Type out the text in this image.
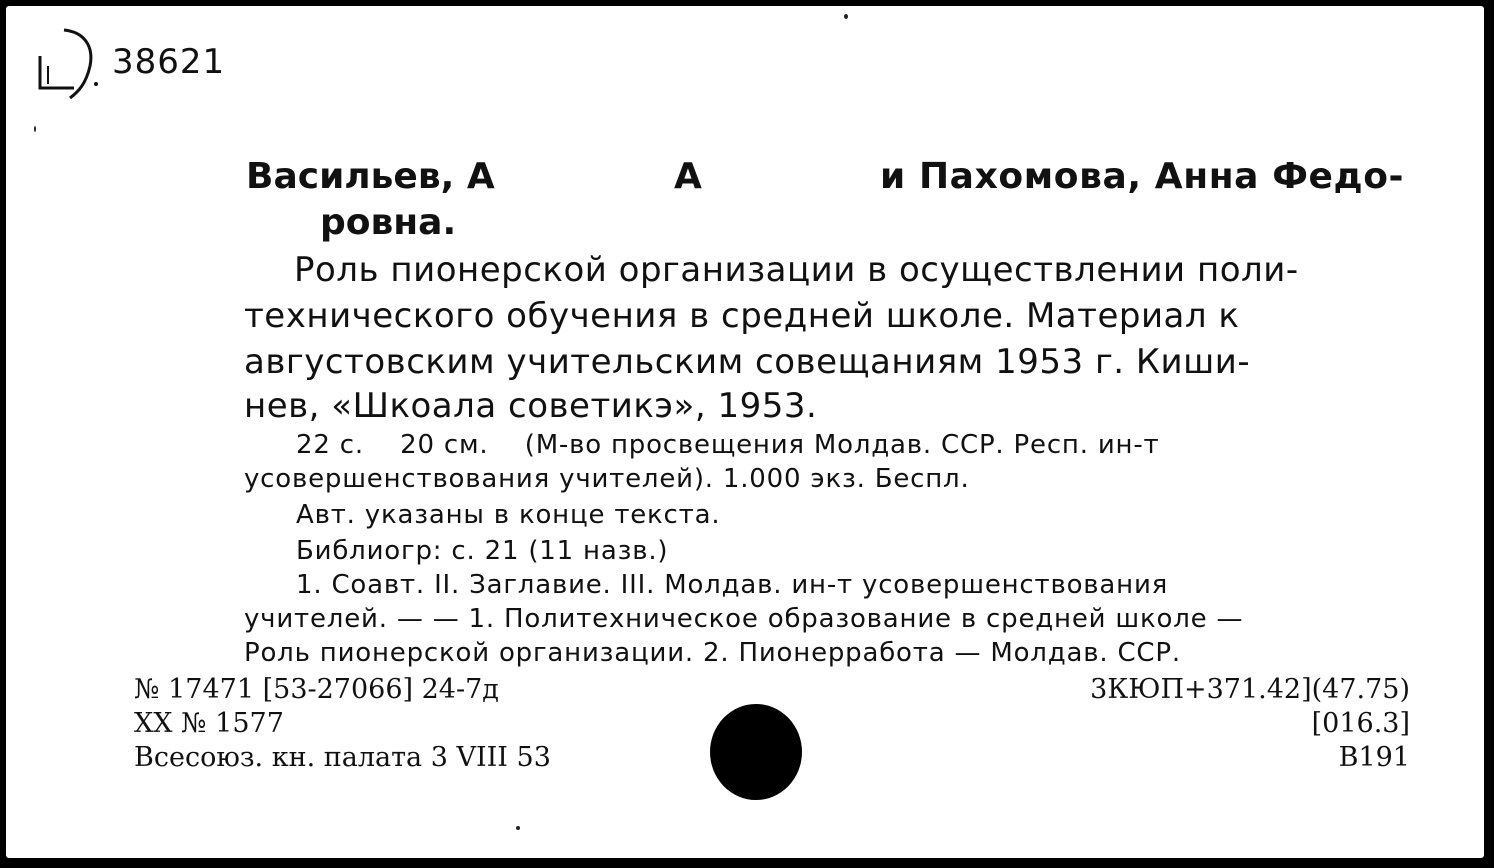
38621
Васильев, А	А	и Пахомова, Анна Федо-
ровна.
Роль пионерской организации в осуществлении поли-
технического обучения в средней школе. Материал к
августовским учительским совещаниям 1953 г. Киши-
нев, «Шкоала советикэ», 1953.
22 с.    20 см.    (М-во просвещения Молдав. ССР. Респ. ин-т
усовершенствования учителей). 1.000 экз. Беспл.
Авт. указаны в конце текста.
Библиогр: с. 21 (11 назв.)
1. Соавт. II. Заглавие. III. Молдав. ин-т усовершенствования
учителей. — — 1. Политехническое образование в средней школе —
Роль пионерской организации. 2. Пионерработа — Молдав. ССР.
№ 17471 [53-27066] 24-7д
XX № 1577
Всесоюз. кн. палата 3 VIII 53
3КЮП+371.42](47.75)
[016.3]
В191
